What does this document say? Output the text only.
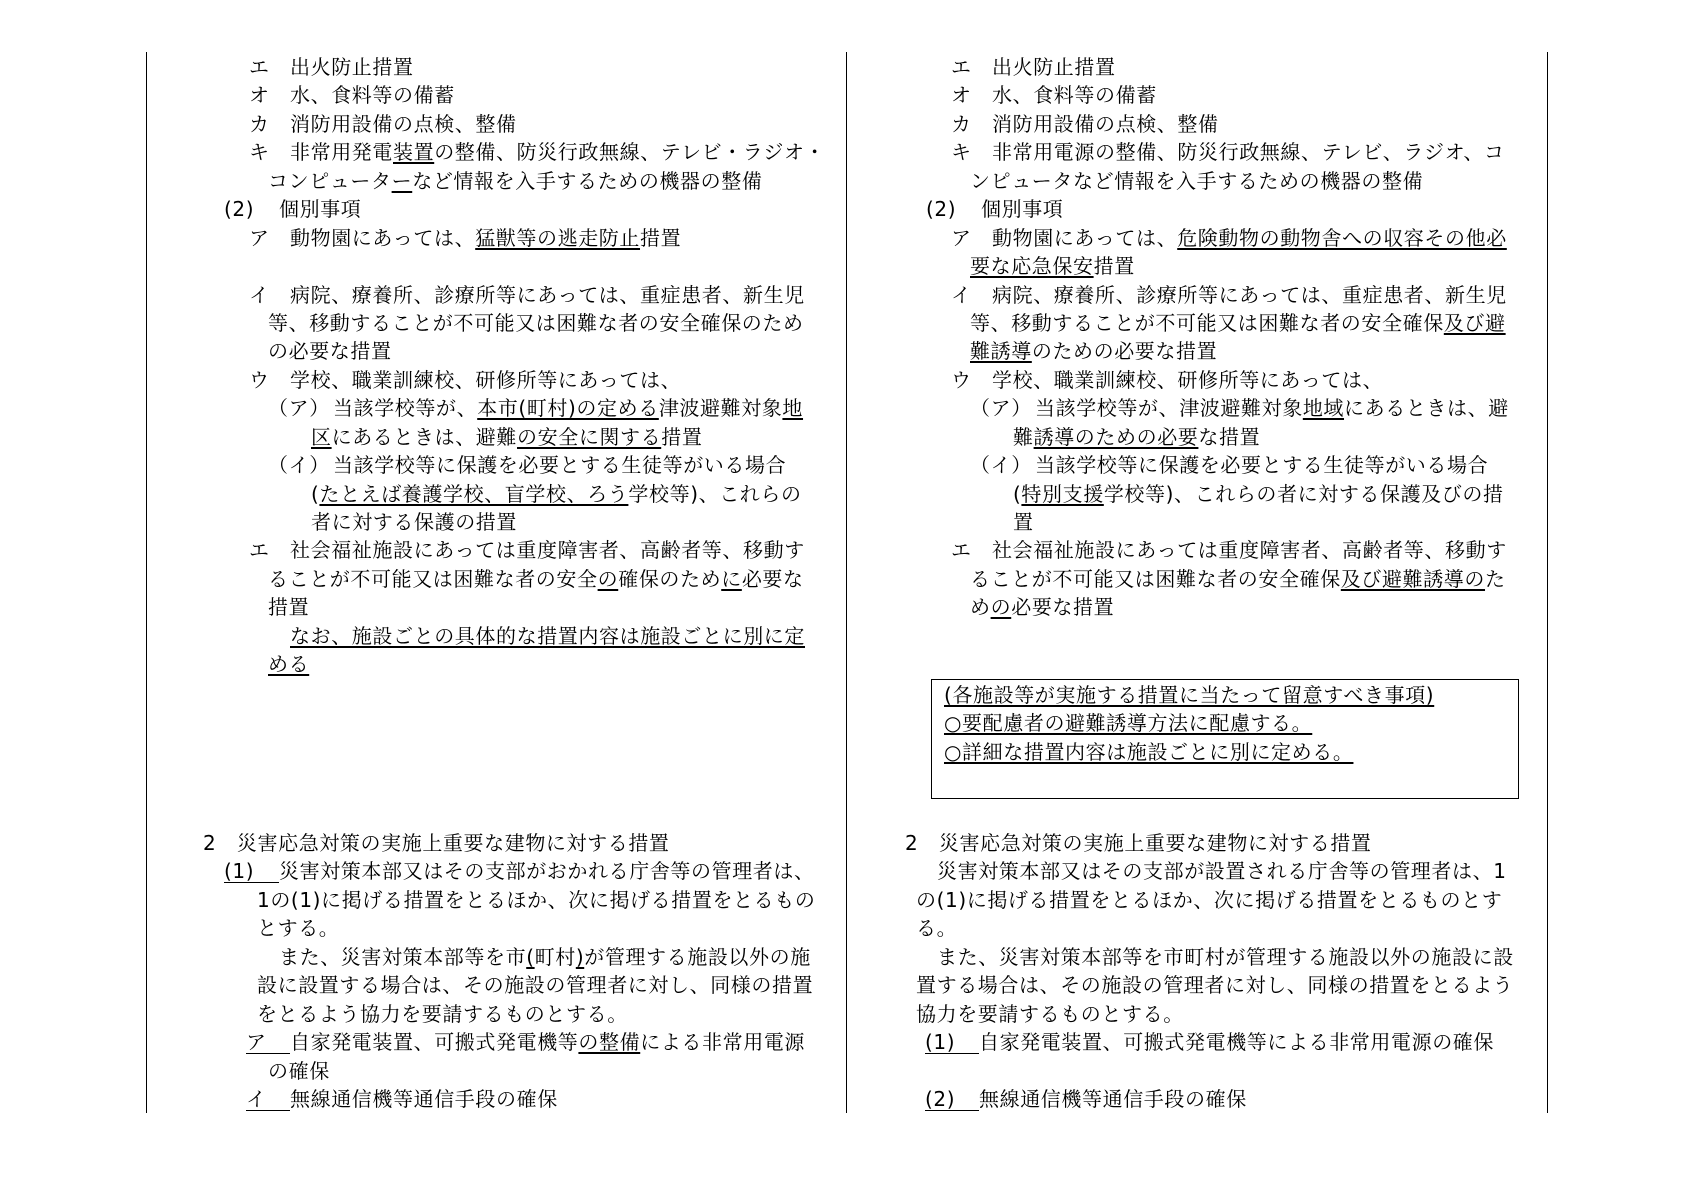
エ 出火防止措置
オ 水、食料等の備蓄
カ 消防用設備の点検、整備
キ 非常用発電装置の整備、防災行政無線、テレビ・ラジオ・
コンピューターなど情報を入手するための機器の整備
(2) 個別事項
ア 動物園にあっては、猛獣等の逃走防止措置
イ 病院、療養所、診療所等にあっては、重症患者、新生児
等、移動することが不可能又は困難な者の安全確保のため
の必要な措置
ウ 学校、職業訓練校、研修所等にあっては、
（ア） 当該学校等が、本市(町村)の定める津波避難対象地
区にあるときは、避難の安全に関する措置
（イ） 当該学校等に保護を必要とする生徒等がいる場合
(たとえば養護学校、盲学校、ろう学校等)、これらの
者に対する保護の措置
エ 社会福祉施設にあっては重度障害者、高齢者等、移動す
ることが不可能又は困難な者の安全の確保のために必要な
措置
なお、施設ごとの具体的な措置内容は施設ごとに別に定
める
2　災害応急対策の実施上重要な建物に対する措置
(1) 災害対策本部又はその支部がおかれる庁舎等の管理者は、
1の(1)に掲げる措置をとるほか、次に掲げる措置をとるもの
とする。
また、災害対策本部等を市(町村)が管理する施設以外の施
設に設置する場合は、その施設の管理者に対し、同様の措置
をとるよう協力を要請するものとする。
ア 自家発電装置、可搬式発電機等の整備による非常用電源
の確保
イ 無線通信機等通信手段の確保
エ 出火防止措置
オ 水、食料等の備蓄
カ 消防用設備の点検、整備
キ 非常用電源の整備、防災行政無線、テレビ、ラジオ、コ
ンピュータなど情報を入手するための機器の整備
(2) 個別事項
ア 動物園にあっては、危険動物の動物舎への収容その他必
要な応急保安措置
イ 病院、療養所、診療所等にあっては、重症患者、新生児
等、移動することが不可能又は困難な者の安全確保及び避
難誘導のための必要な措置
ウ 学校、職業訓練校、研修所等にあっては、
（ア） 当該学校等が、津波避難対象地域にあるときは、避
難誘導のための必要な措置
（イ） 当該学校等に保護を必要とする生徒等がいる場合
(特別支援学校等)、これらの者に対する保護及びの措
置
エ 社会福祉施設にあっては重度障害者、高齢者等、移動す
ることが不可能又は困難な者の安全確保及び避難誘導のた
めの必要な措置
(各施設等が実施する措置に当たって留意すべき事項)
○要配慮者の避難誘導方法に配慮する。
○詳細な措置内容は施設ごとに別に定める。
2　災害応急対策の実施上重要な建物に対する措置
災害対策本部又はその支部が設置される庁舎等の管理者は、1
の(1)に掲げる措置をとるほか、次に掲げる措置をとるものとす
る。
また、災害対策本部等を市町村が管理する施設以外の施設に設
置する場合は、その施設の管理者に対し、同様の措置をとるよう
協力を要請するものとする。
(1) 自家発電装置、可搬式発電機等による非常用電源の確保
(2) 無線通信機等通信手段の確保
